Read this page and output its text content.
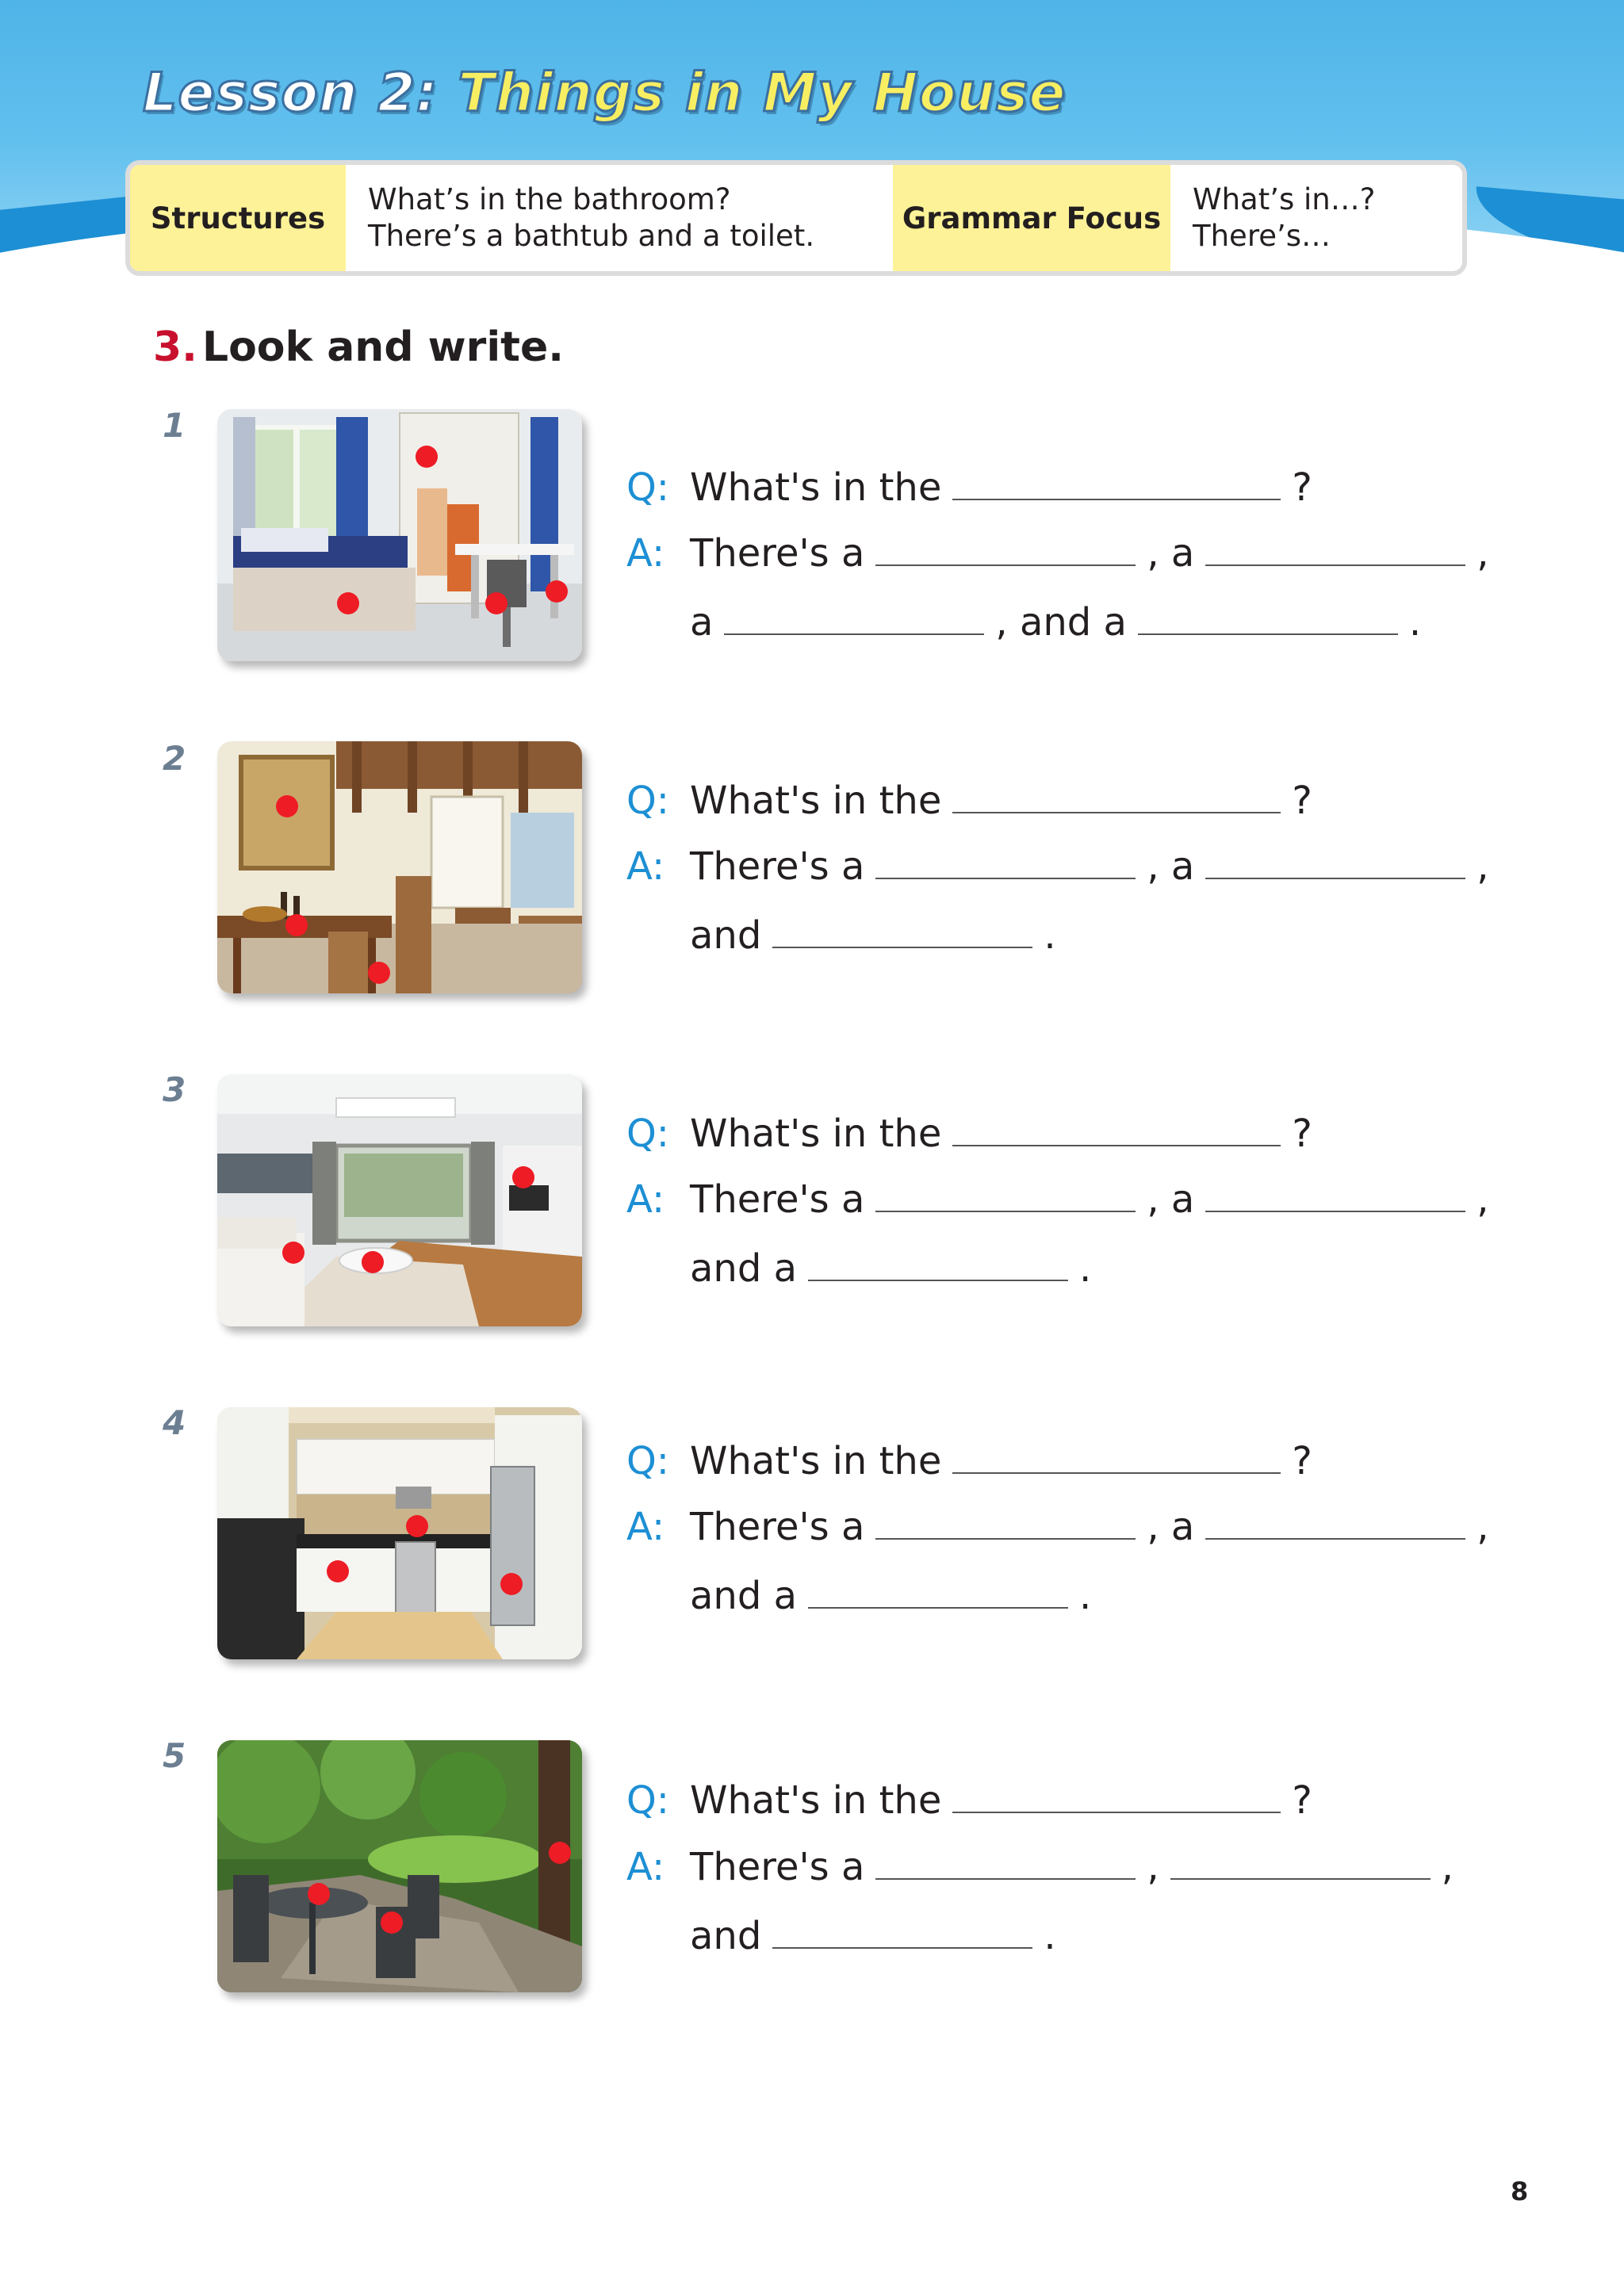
Lesson 2: Things in My House
Structures
What’s in the bathroom?
There’s a bathtub and a toilet.
Grammar Focus
What’s in…?
There’s…
3. Look and write.
1
Q: What's in the	?
A: There's a	, a	,
a	, and a	.
2
Q: What's in the	?
A: There's a	, a	,
and	.
3
Q: What's in the	?
A: There's a	, a	,
and a	.
4
Q: What's in the	?
A: There's a	, a	,
and a	.
5
Q: What's in the	?
A: There's a	,	,
and	.
8
